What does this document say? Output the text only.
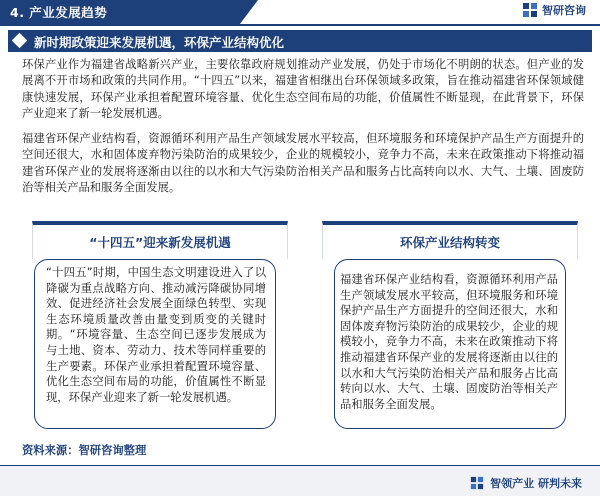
4. 产业发展趋势	智研咨询
新时期政策迎来发展机遇，环保产业结构优化

环保产业作为福建省战略新兴产业，主要依靠政府规划推动产业发展，仍处于市场化不明朗的状态。但产业的发展离不开市场和政策的共同作用。“十四五”以来，福建省相继出台环保领域多政策，旨在推动福建省环保领域健康快速发展，环保产业承担着配置环境容量、优化生态空间布局的功能，价值属性不断显现，在此背景下，环保产业迎来了新一轮发展机遇。

福建省环保产业结构看，资源循环利用产品生产领域发展水平较高，但环境服务和环境保护产品生产方面提升的空间还很大，水和固体废弃物污染防治的成果较少，企业的规模较小，竞争力不高，未来在政策推动下将推动福建省环保产业的发展将逐渐由以往的以水和大气污染防治相关产品和服务占比高转向以水、大气、土壤、固废防治等相关产品和服务全面发展。

“十四五”迎来新发展机遇

“十四五”时期，中国生态文明建设进入了以降碳为重点战略方向、推动减污降碳协同增效、促进经济社会发展全面绿色转型、实现生态环境质量改善由量变到质变的关键时期。“环境容量、生态空间已逐步发展成为与土地、资本、劳动力、技术等同样重要的生产要素。环保产业承担着配置环境容量、优化生态空间布局的功能，价值属性不断显现，环保产业迎来了新一轮发展机遇。

环保产业结构转变

福建省环保产业结构看，资源循环利用产品生产领域发展水平较高，但环境服务和环境保护产品生产方面提升的空间还很大，水和固体废弃物污染防治的成果较少，企业的规模较小，竞争力不高，未来在政策推动下将推动福建省环保产业的发展将逐渐由以往的以水和大气污染防治相关产品和服务占比高转向以水、大气、土壤、固废防治等相关产品和服务全面发展。

资料来源：智研咨询整理
智领产业 研判未来
